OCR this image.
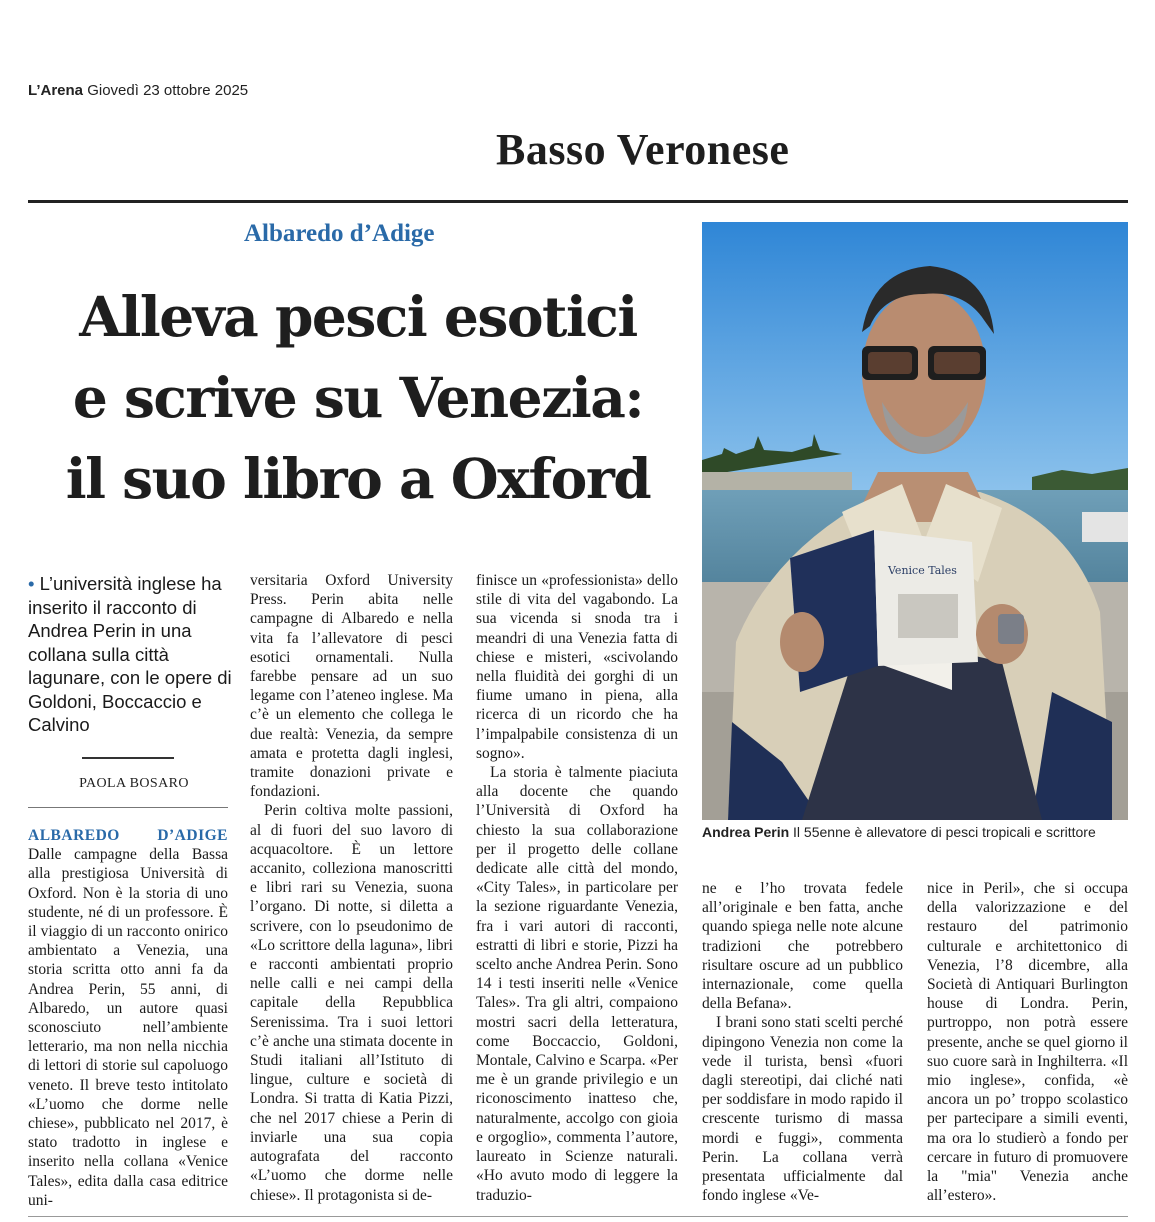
L’Arena Giovedì 23 ottobre 2025
Basso Veronese
Albaredo d’Adige
Alleva pesci esotici
e scrive su Venezia:
il suo libro a Oxford
Venice Tales
Andrea Perin Il 55enne è allevatore di pesci tropicali e scrittore
• L’università inglese ha inserito il racconto di Andrea Perin in una collana sulla città lagunare, con le opere di Goldoni, Boccaccio e Calvino
PAOLA BOSARO

ALBAREDO D’ADIGE Dalle campagne della Bassa alla prestigiosa Università di Oxford. Non è la storia di uno studente, né di un professore. È il viaggio di un racconto onirico ambientato a Venezia, una storia scritta otto anni fa da Andrea Perin, 55 anni, di Albaredo, un autore quasi sconosciuto nell’ambiente letterario, ma non nella nicchia di lettori di storie sul capoluogo veneto. Il breve testo intitolato «L’uomo che dorme nelle chiese», pubblicato nel 2017, è stato tradotto in inglese e inserito nella collana «Venice Tales», edita dalla casa editrice uni-

versitaria Oxford University Press. Perin abita nelle campagne di Albaredo e nella vita fa l’allevatore di pesci esotici ornamentali. Nulla farebbe pensare ad un suo legame con l’ateneo inglese. Ma c’è un elemento che collega le due realtà: Venezia, da sempre amata e protetta dagli inglesi, tramite donazioni private e fondazioni.

Perin coltiva molte passioni, al di fuori del suo lavoro di acquacoltore. È un lettore accanito, colleziona manoscritti e libri rari su Venezia, suona l’organo. Di notte, si diletta a scrivere, con lo pseudonimo de «Lo scrittore della laguna», libri e racconti ambientati proprio nelle calli e nei campi della capitale della Repubblica Serenissima. Tra i suoi lettori c’è anche una stimata docente in Studi italiani all’Istituto di lingue, culture e società di Londra. Si tratta di Katia Pizzi, che nel 2017 chiese a Perin di inviarle una sua copia autografata del racconto «L’uomo che dorme nelle chiese». Il protagonista si de-

finisce un «professionista» dello stile di vita del vagabondo. La sua vicenda si snoda tra i meandri di una Venezia fatta di chiese e misteri, «scivolando nella fluidità dei gorghi di un fiume umano in piena, alla ricerca di un ricordo che ha l’impalpabile consistenza di un sogno».

La storia è talmente piaciuta alla docente che quando l’Università di Oxford ha chiesto la sua collaborazione per il progetto delle collane dedicate alle città del mondo, «City Tales», in particolare per la sezione riguardante Venezia, fra i vari autori di racconti, estratti di libri e storie, Pizzi ha scelto anche Andrea Perin. Sono 14 i testi inseriti nelle «Venice Tales». Tra gli altri, compaiono mostri sacri della letteratura, come Boccaccio, Goldoni, Montale, Calvino e Scarpa. «Per me è un grande privilegio e un riconoscimento inatteso che, naturalmente, accolgo con gioia e orgoglio», commenta l’autore, laureato in Scienze naturali. «Ho avuto modo di leggere la traduzio-

ne e l’ho trovata fedele all’originale e ben fatta, anche quando spiega nelle note alcune tradizioni che potrebbero risultare oscure ad un pubblico internazionale, come quella della Befana».

I brani sono stati scelti perché dipingono Venezia non come la vede il turista, bensì «fuori dagli stereotipi, dai cliché nati per soddisfare in modo rapido il crescente turismo di massa mordi e fuggi», commenta Perin. La collana verrà presentata ufficialmente dal fondo inglese «Ve-

nice in Peril», che si occupa della valorizzazione e del restauro del patrimonio culturale e architettonico di Venezia, l’8 dicembre, alla Società di Antiquari Burlington house di Londra. Perin, purtroppo, non potrà essere presente, anche se quel giorno il suo cuore sarà in Inghilterra. «Il mio inglese», confida, «è ancora un po’ troppo scolastico per partecipare a simili eventi, ma ora lo studierò a fondo per cercare in futuro di promuovere la "mia" Venezia anche all’estero».
